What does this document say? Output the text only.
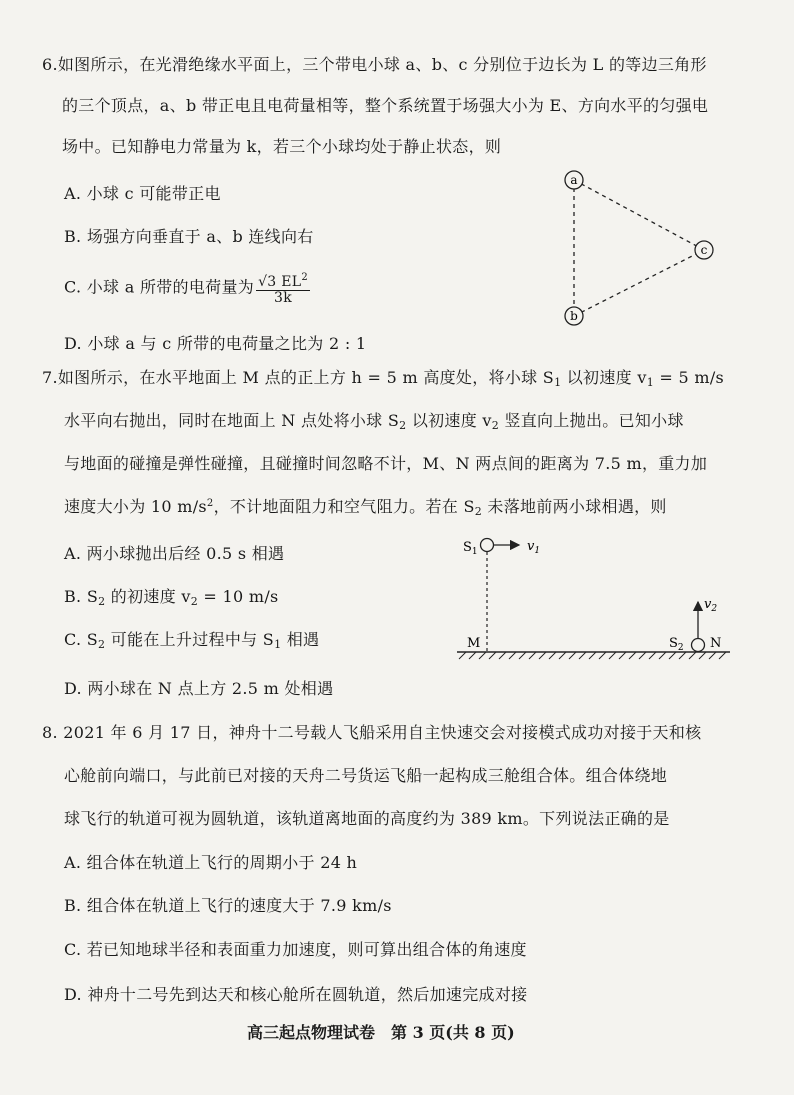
6.如图所示，在光滑绝缘水平面上，三个带电小球 a、b、c 分别位于边长为 L 的等边三角形
的三个顶点，a、b 带正电且电荷量相等，整个系统置于场强大小为 E、方向水平的匀强电
场中。已知静电力常量为 k，若三个小球均处于静止状态，则
A. 小球 c 可能带正电
B. 场强方向垂直于 a、b 连线向右
C. 小球 a 所带的电荷量为 $\frac{√3 EL^2}{3k}$
D. 小球 a 与 c 所带的电荷量之比为 2 : 1
a
b
c
7.如图所示，在水平地面上 M 点的正上方 h = 5 m 高度处，将小球 $S_1$ 以初速度 $v_1 = 5$ m/s
水平向右抛出，同时在地面上 N 点处将小球 $S_2$ 以初速度 $v_2$ 竖直向上抛出。已知小球
与地面的碰撞是弹性碰撞，且碰撞时间忽略不计，M、N 两点间的距离为 7.5 m，重力加
速度大小为 10 $m/s^2$，不计地面阻力和空气阻力。若在 $S_2$ 未落地前两小球相遇，则
A. 两小球抛出后经 0.5 s 相遇
B. $S_2$ 的初速度 $v_2 = 10$ m/s
C. $S_2$ 可能在上升过程中与 $S_1$ 相遇
D. 两小球在 N 点上方 2.5 m 处相遇
$S_1$	$v_1$
M
$v_2$
$S_2$ N
8. 2021 年 6 月 17 日，神舟十二号载人飞船采用自主快速交会对接模式成功对接于天和核
心舱前向端口，与此前已对接的天舟二号货运飞船一起构成三舱组合体。组合体绕地
球飞行的轨道可视为圆轨道，该轨道离地面的高度约为 389 km。下列说法正确的是
A. 组合体在轨道上飞行的周期小于 24 h
B. 组合体在轨道上飞行的速度大于 7.9 km/s
C. 若已知地球半径和表面重力加速度，则可算出组合体的角速度
D. 神舟十二号先到达天和核心舱所在圆轨道，然后加速完成对接
高三起点物理试卷　第 3 页(共 8 页)
